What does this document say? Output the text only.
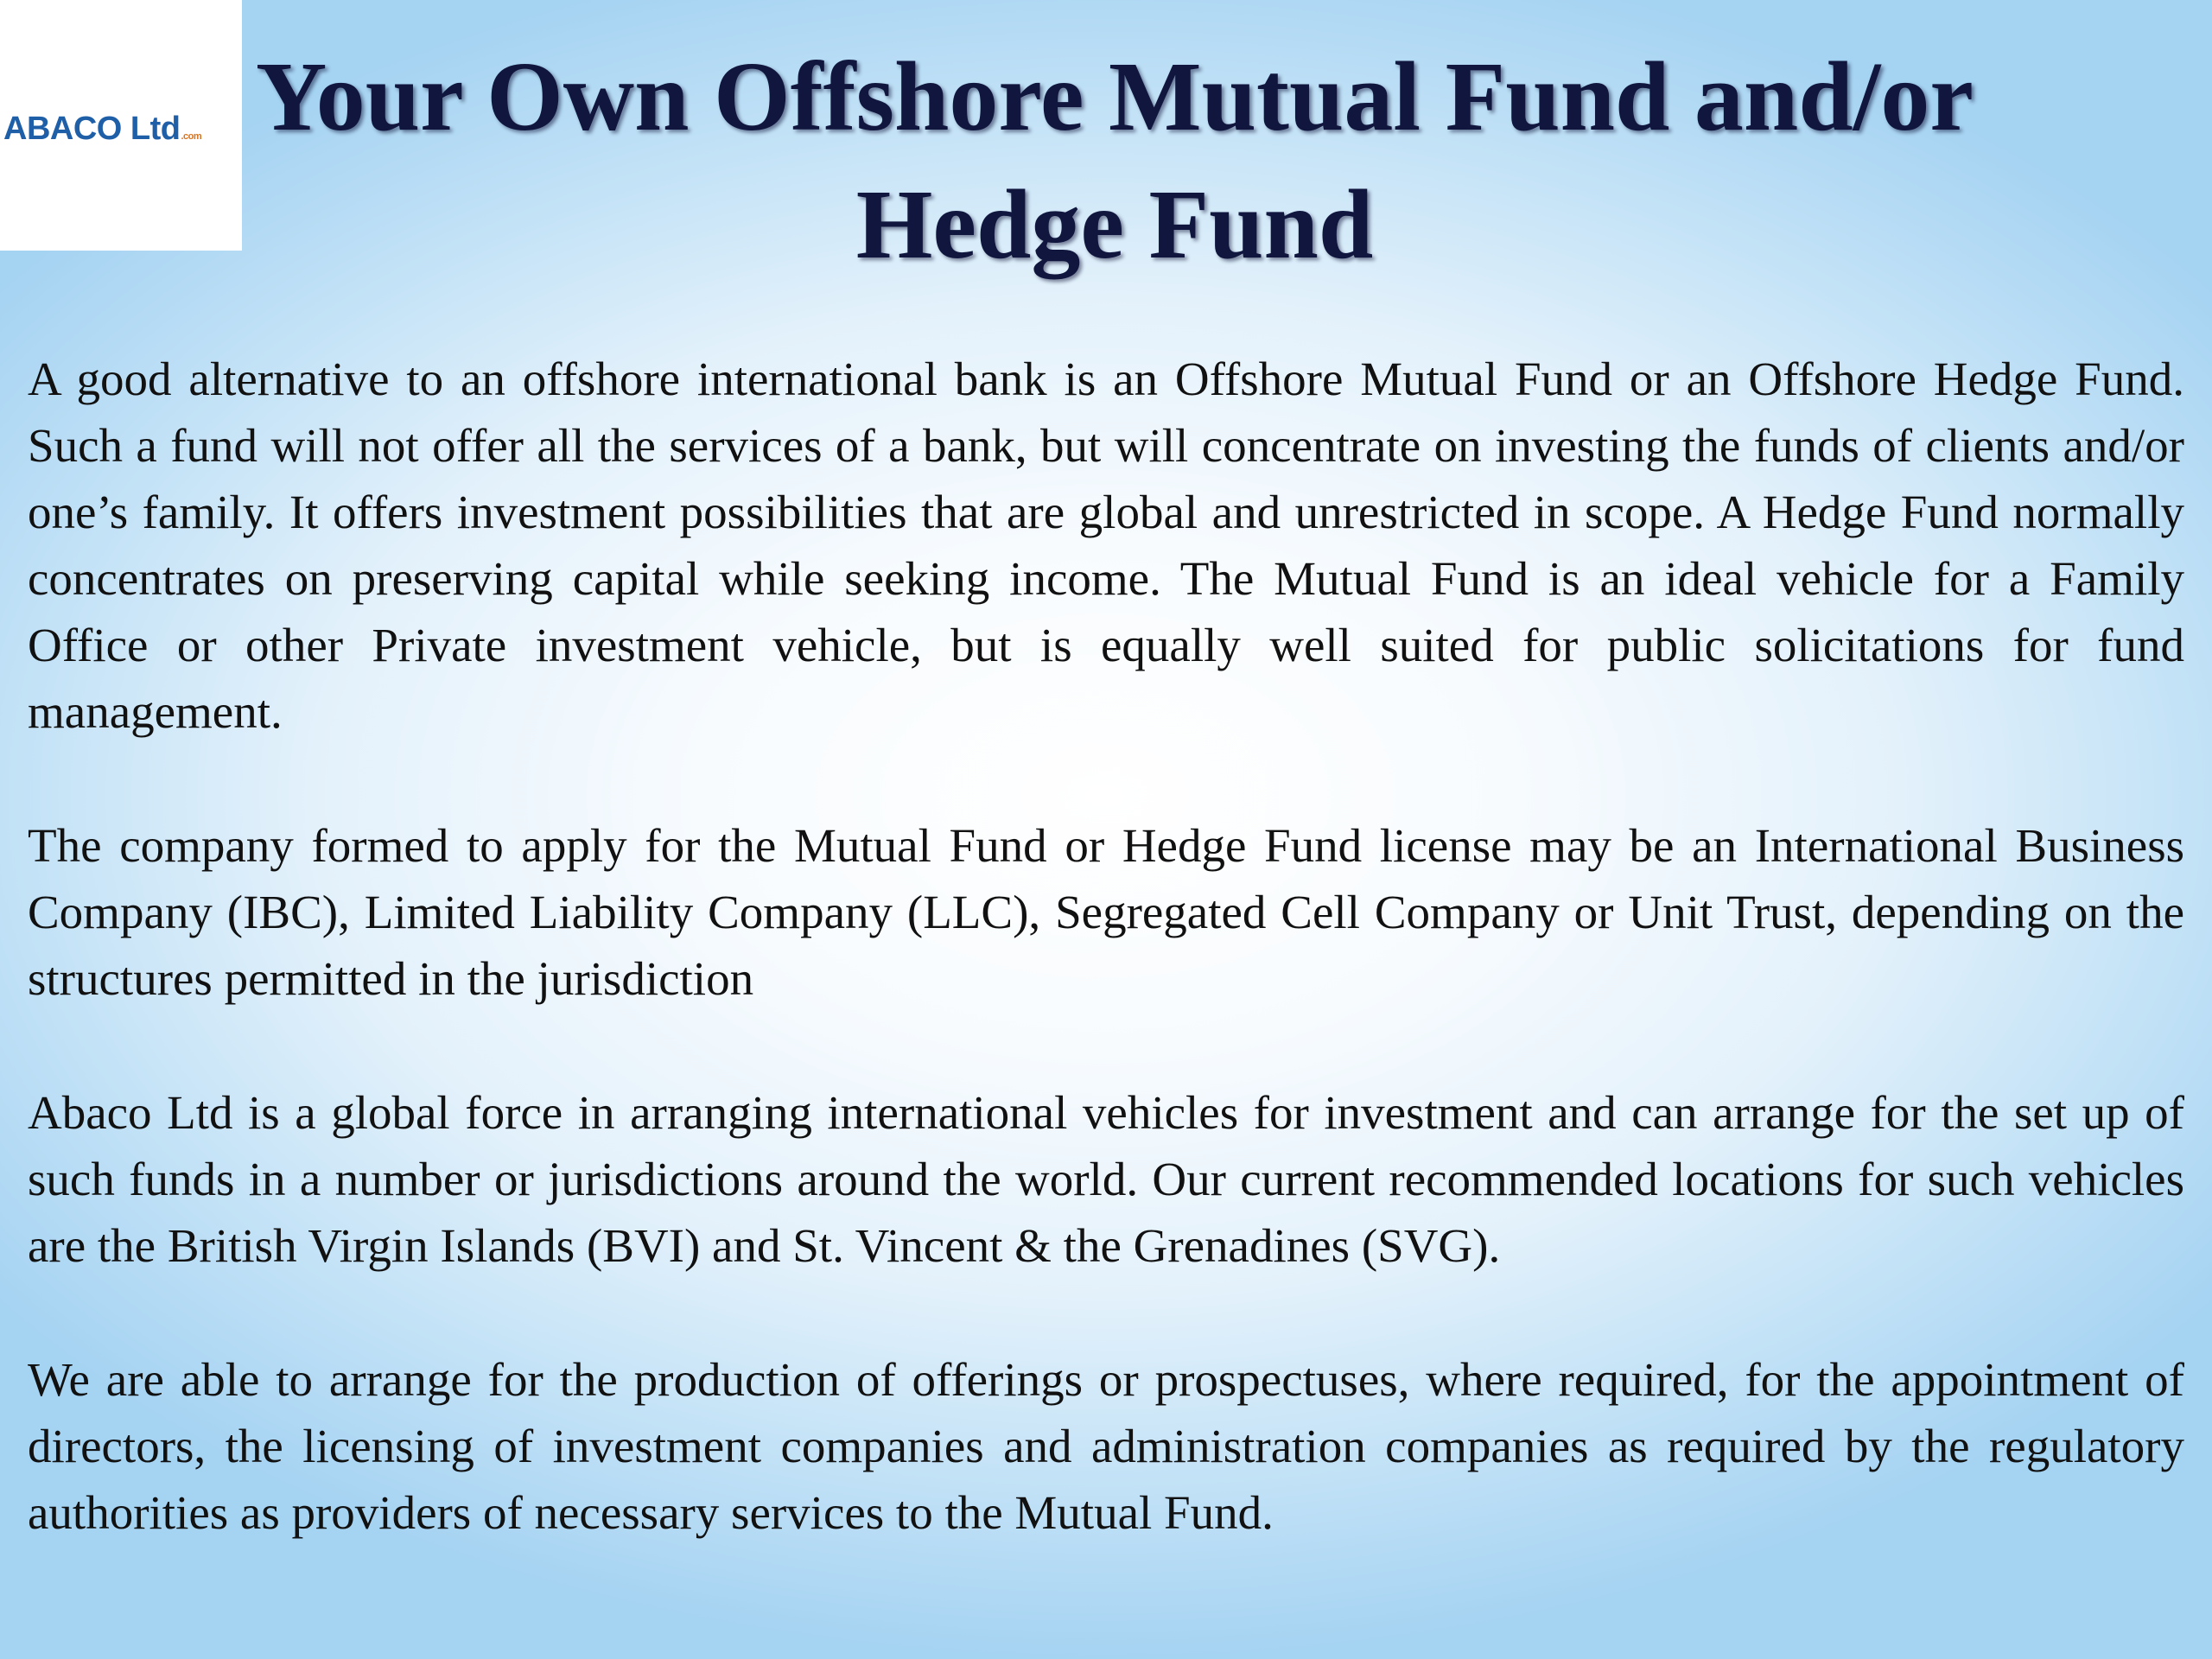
ABACO Ltd.com Your Own Offshore Mutual Fund and/or Hedge Fund

A good alternative to an offshore international bank is an Offshore Mutual Fund or an Offshore Hedge Fund. Such a fund will not offer all the services of a bank, but will concentrate on investing the funds of clients and/or one’s family. It offers investment possibilities that are global and unrestricted in scope. A Hedge Fund normally concentrates on preserving capital while seeking income. The Mutual Fund is an ideal vehicle for a Family Office or other Private investment vehicle, but is equally well suited for public solicitations for fund management.

The company formed to apply for the Mutual Fund or Hedge Fund license may be an International Business Company (IBC), Limited Liability Company (LLC), Segregated Cell Company or Unit Trust, depending on the structures permitted in the jurisdiction

Abaco Ltd is a global force in arranging international vehicles for investment and can arrange for the set up of such funds in a number or jurisdictions around the world. Our current recommended locations for such vehicles are the British Virgin Islands (BVI) and St. Vincent & the Grenadines (SVG).

We are able to arrange for the production of offerings or prospectuses, where required, for the appointment of directors, the licensing of investment companies and administration companies as required by the regulatory authorities as providers of necessary services to the Mutual Fund.
